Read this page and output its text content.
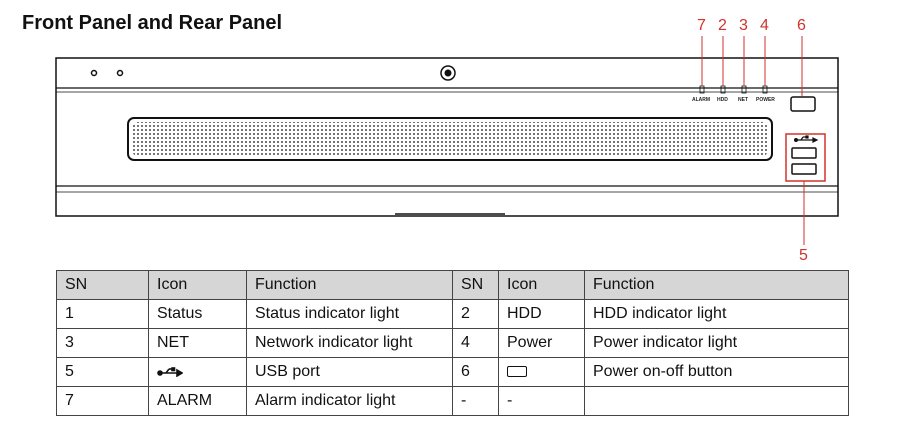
Front Panel and Rear Panel	7 2 3 4 6
5
ALARM HDD NET POWER
SN	Icon	Function	SN	Icon	Function
1	Status	Status indicator light	2	HDD	HDD indicator light
3	NET	Network indicator light	4	Power	Power indicator light
5		USB port	6		Power on-off button
7	ALARM	Alarm indicator light	-	-	
